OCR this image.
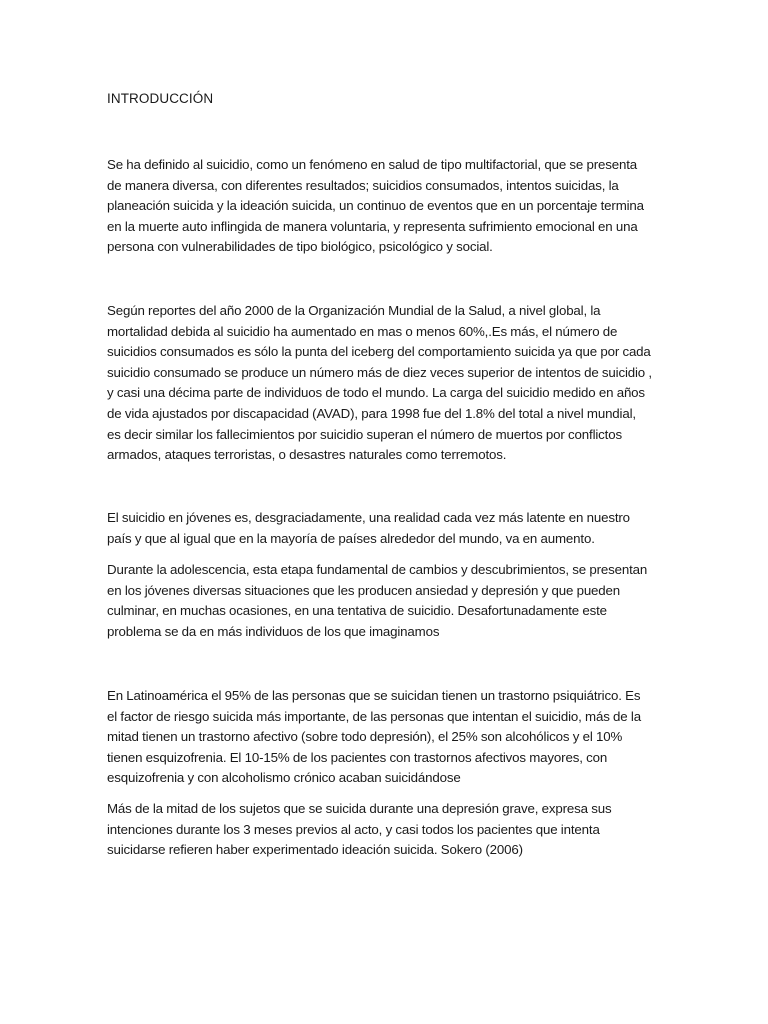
INTRODUCCIÓN

Se ha definido al suicidio, como un fenómeno en salud de tipo multifactorial, que se presenta de manera diversa, con diferentes resultados; suicidios consumados, intentos suicidas, la planeación suicida y la ideación suicida, un continuo de eventos que en un porcentaje termina en la muerte auto inflingida de manera voluntaria, y representa sufrimiento emocional en una persona con vulnerabilidades de tipo biológico, psicológico y social.

Según reportes del año 2000 de la Organización Mundial de la Salud, a nivel global, la mortalidad debida al suicidio ha aumentado en mas o menos 60%,.Es más, el número de suicidios consumados es sólo la punta del iceberg del comportamiento suicida ya que por cada suicidio consumado se produce un número más de diez veces superior de intentos de suicidio , y casi una décima parte de individuos de todo el mundo. La carga del suicidio medido en años de vida ajustados por discapacidad (AVAD), para 1998 fue del 1.8% del total a nivel mundial, es decir similar los fallecimientos por suicidio superan el número de muertos por conflictos armados, ataques terroristas, o desastres naturales como terremotos.

El suicidio en jóvenes es, desgraciadamente, una realidad cada vez más latente en nuestro país y que al igual que en la mayoría de países alrededor del mundo, va en aumento.

Durante la adolescencia, esta etapa fundamental de cambios y descubrimientos, se presentan en los jóvenes diversas situaciones que les producen ansiedad y depresión y que pueden culminar, en muchas ocasiones, en una tentativa de suicidio. Desafortunadamente este problema se da en más individuos de los que imaginamos

En Latinoamérica el 95% de las personas que se suicidan tienen un trastorno psiquiátrico. Es el factor de riesgo suicida más importante, de las personas que intentan el suicidio, más de la mitad tienen un trastorno afectivo (sobre todo depresión), el 25% son alcohólicos y el 10% tienen esquizofrenia. El 10-15% de los pacientes con trastornos afectivos mayores, con esquizofrenia y con alcoholismo crónico acaban suicidándose

Más de la mitad de los sujetos que se suicida durante una depresión grave, expresa sus intenciones durante los 3 meses previos al acto, y casi todos los pacientes que intenta suicidarse refieren haber experimentado ideación suicida. Sokero (2006)
